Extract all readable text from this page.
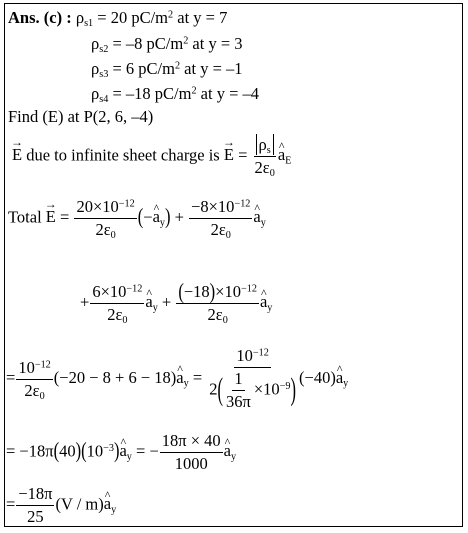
Ans. (c) : $\rho_{s1} = 20$ $pC/m^2$ at y = 7
$\rho_{s2} = -8$ $pC/m^2$ at y = 3
$\rho_{s3} = 6$ $pC/m^2$ at y = –1
$\rho_{s4} = -18$ $pC/m^2$ at y = –4
Find (E) at P(2, 6, –4)
→ E due to infinite sheet charge is → $E = \frac{\rho_s}{2\varepsilon_0}$ ^ $a_E$
Total → $E = \frac{20\times 10^{-12}}{2\varepsilon_0}$ (−^ $a_y) + \frac{-8\times 10^{-12}}{2\varepsilon_0}$ ^ $a_y$
+ $\frac{6\times 10^{-12}}{2\varepsilon_0}$ ^ $a_y + \frac{(-18)\times 10^{-12}}{2\varepsilon_0}$ ^ $a_y$
= $\frac{10^{-12}}{2\varepsilon_0} (-20 - 8 + 6$ − 18)^ $a_y = \frac{10^{-12}}{2( \frac{1}{36\pi} \times 10^{-9})}$ (−40)^ $a_y$
= $-18\pi(40)(10^{-3})\^{}$ $a_y$ = − $\frac{18\pi \times 40}{1000}$ ^ $a_y$
= $\frac{-18\pi}{25} (V$ / m)^ $a_y$
